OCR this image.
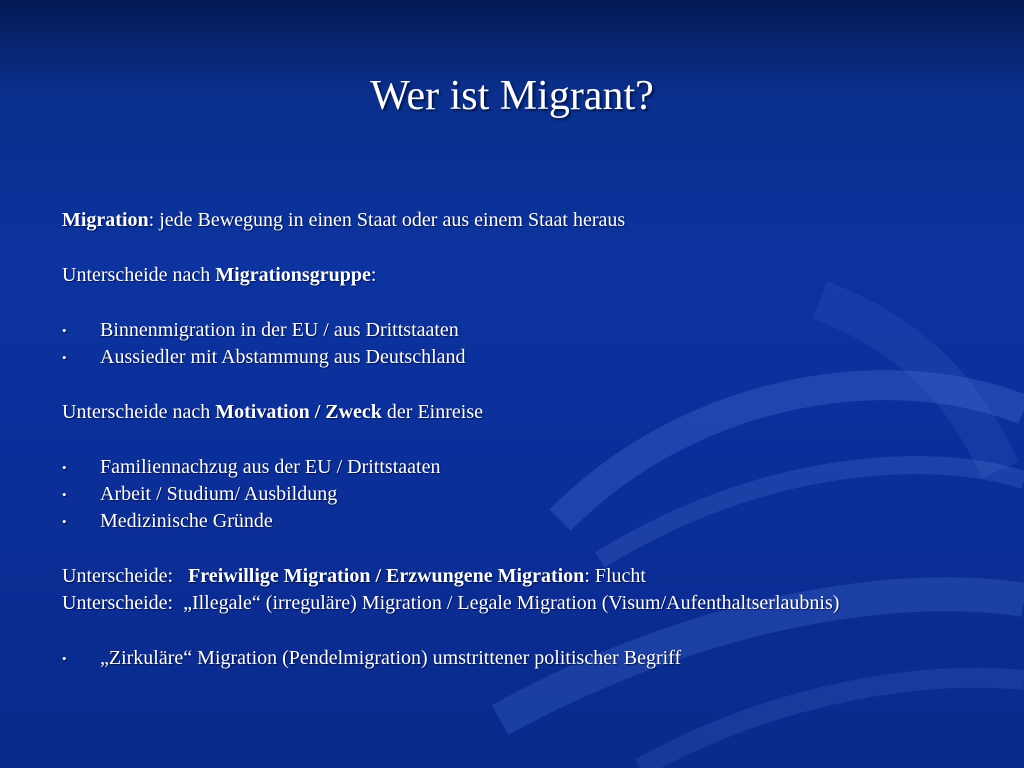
Wer ist Migrant?
Migration: jede Bewegung in einen Staat oder aus einem Staat heraus
Unterscheide nach Migrationsgruppe:
•	Binnenmigration in der EU / aus Drittstaaten
•	Aussiedler mit Abstammung aus Deutschland
Unterscheide nach Motivation / Zweck der Einreise
•	Familiennachzug aus der EU / Drittstaaten
•	Arbeit / Studium/ Ausbildung
•	Medizinische Gründe
Unterscheide:   Freiwillige Migration / Erzwungene Migration: Flucht
Unterscheide:  „Illegale“ (irreguläre) Migration / Legale Migration (Visum/Aufenthaltserlaubnis)
•	„Zirkuläre“ Migration (Pendelmigration) umstrittener politischer Begriff
